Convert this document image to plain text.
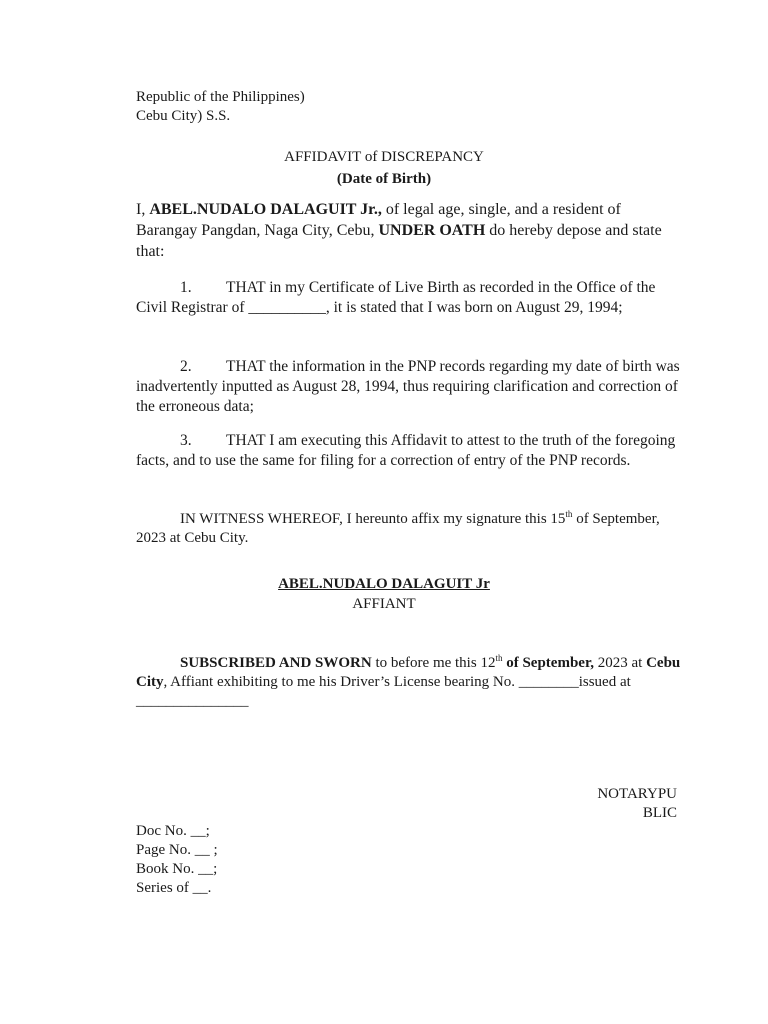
Republic of the Philippines)
Cebu City) S.S.
AFFIDAVIT of DISCREPANCY
(Date of Birth)
I, ABEL.NUDALO DALAGUIT Jr., of legal age, single, and a resident of Barangay Pangdan, Naga City, Cebu, UNDER OATH do hereby depose and state that:
1. THAT in my Certificate of Live Birth as recorded in the Office of the Civil Registrar of __________, it is stated that I was born on August 29, 1994;
2. THAT the information in the PNP records regarding my date of birth was inadvertently inputted as August 28, 1994, thus requiring clarification and correction of the erroneous data;
3. THAT I am executing this Affidavit to attest to the truth of the foregoing facts, and to use the same for filing for a correction of entry of the PNP records.
IN WITNESS WHEREOF, I hereunto affix my signature this 15th of September, 2023 at Cebu City.
ABEL.NUDALO DALAGUIT Jr
AFFIANT
SUBSCRIBED AND SWORN to before me this 12th of September, 2023 at Cebu City, Affiant exhibiting to me his Driver’s License bearing No. ________issued at _______________
NOTARYPU
BLIC
Doc No. __;
Page No. __ ;
Book No. __;
Series of __.
